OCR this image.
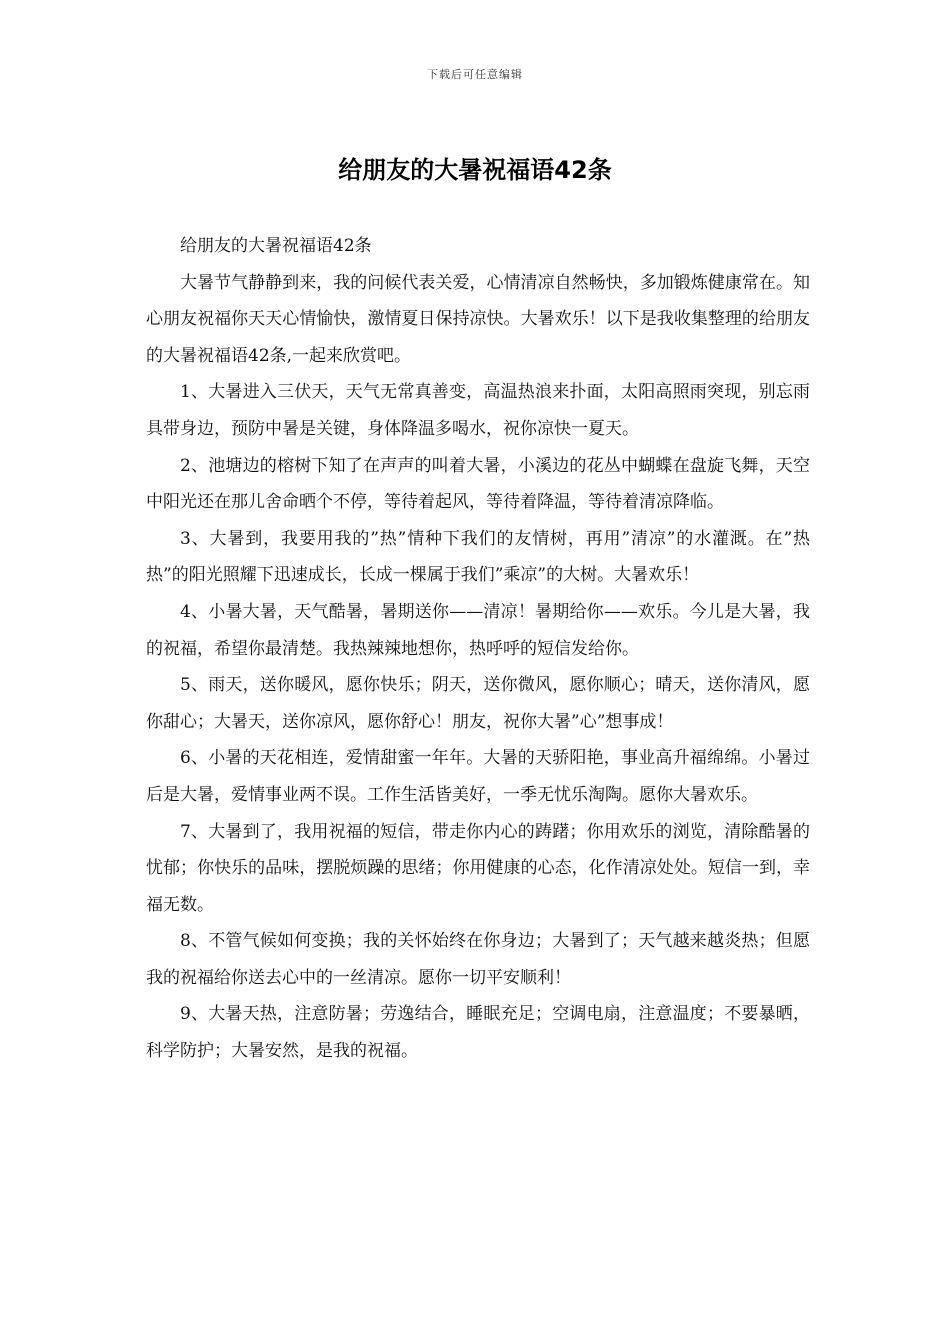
下载后可任意编辑
给朋友的大暑祝福语42条

给朋友的大暑祝福语42条

大暑节气静静到来，我的问候代表关爱，心情清凉自然畅快，多加锻炼健康常在。知心朋友祝福你天天心情愉快，激情夏日保持凉快。大暑欢乐！以下是我收集整理的给朋友的大暑祝福语42条,一起来欣赏吧。

1、大暑进入三伏天，天气无常真善变，高温热浪来扑面，太阳高照雨突现，别忘雨具带身边，预防中暑是关键，身体降温多喝水，祝你凉快一夏天。

2、池塘边的榕树下知了在声声的叫着大暑，小溪边的花丛中蝴蝶在盘旋飞舞，天空中阳光还在那儿舍命晒个不停，等待着起风，等待着降温，等待着清凉降临。

3、大暑到，我要用我的”热”情种下我们的友情树，再用”清凉”的水灌溉。在”热热”的阳光照耀下迅速成长，长成一棵属于我们”乘凉”的大树。大暑欢乐！

4、小暑大暑，天气酷暑，暑期送你——清凉！暑期给你——欢乐。今儿是大暑，我的祝福，希望你最清楚。我热辣辣地想你，热呼呼的短信发给你。

5、雨天，送你暖风，愿你快乐；阴天，送你微风，愿你顺心；晴天，送你清风，愿你甜心；大暑天，送你凉风，愿你舒心！朋友，祝你大暑”心”想事成！

6、小暑的天花相连，爱情甜蜜一年年。大暑的天骄阳艳，事业高升福绵绵。小暑过后是大暑，爱情事业两不误。工作生活皆美好，一季无忧乐淘陶。愿你大暑欢乐。

7、大暑到了，我用祝福的短信，带走你内心的踌躇；你用欢乐的浏览，清除酷暑的忧郁；你快乐的品味，摆脱烦躁的思绪；你用健康的心态，化作清凉处处。短信一到，幸福无数。

8、不管气候如何变换；我的关怀始终在你身边；大暑到了；天气越来越炎热；但愿我的祝福给你送去心中的一丝清凉。愿你一切平安顺利！

9、大暑天热，注意防暑；劳逸结合，睡眠充足；空调电扇，注意温度；不要暴晒，科学防护；大暑安然，是我的祝福。
